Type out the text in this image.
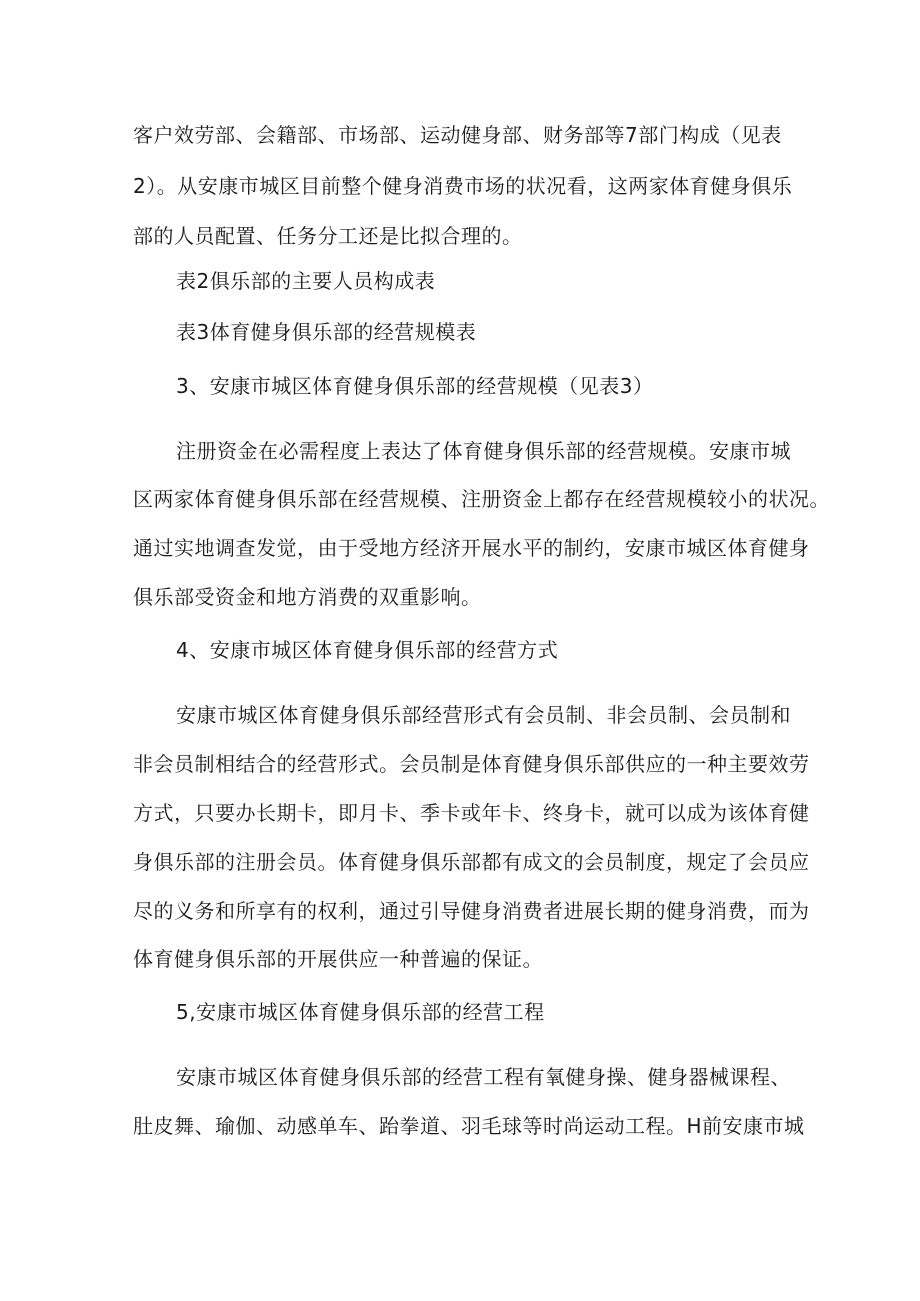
客户效劳部、会籍部、市场部、运动健身部、财务部等7部门构成（见表
2）。从安康市城区目前整个健身消费市场的状况看，这两家体育健身俱乐
部的人员配置、任务分工还是比拟合理的。
表2俱乐部的主要人员构成表
表3体育健身俱乐部的经营规模表
3、安康市城区体育健身俱乐部的经营规模（见表3）
注册资金在必需程度上表达了体育健身俱乐部的经营规模。安康市城
区两家体育健身俱乐部在经营规模、注册资金上都存在经营规模较小的状况。
通过实地调查发觉，由于受地方经济开展水平的制约，安康市城区体育健身
俱乐部受资金和地方消费的双重影响。
4、安康市城区体育健身俱乐部的经营方式
安康市城区体育健身俱乐部经营形式有会员制、非会员制、会员制和
非会员制相结合的经营形式。会员制是体育健身俱乐部供应的一种主要效劳
方式，只要办长期卡，即月卡、季卡或年卡、终身卡，就可以成为该体育健
身俱乐部的注册会员。体育健身俱乐部都有成文的会员制度，规定了会员应
尽的义务和所享有的权利，通过引导健身消费者进展长期的健身消费，而为
体育健身俱乐部的开展供应一种普遍的保证。
5,安康市城区体育健身俱乐部的经营工程
安康市城区体育健身俱乐部的经营工程有氧健身操、健身器械课程、
肚皮舞、瑜伽、动感单车、跆拳道、羽毛球等时尚运动工程。H前安康市城
